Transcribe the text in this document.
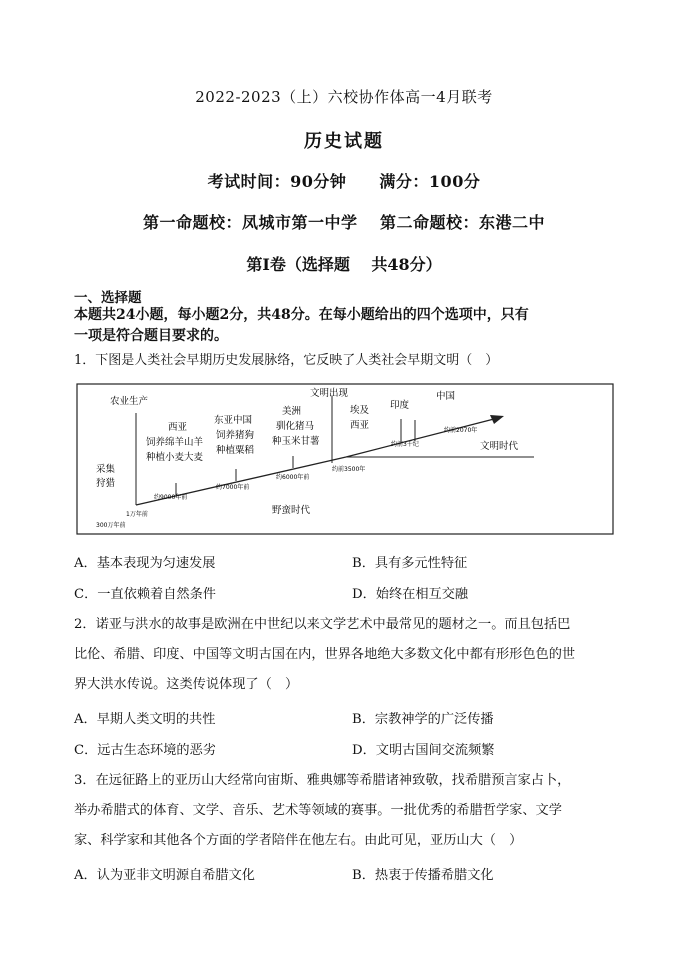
2022-2023（上）六校协作体高一4月联考
历史试题
考试时间：90分钟　　满分：100分
第一命题校：凤城市第一中学　 第二命题校：东港二中
第Ⅰ卷（选择题　 共48分）
一、选择题
本题共24小题，每小题2分，共48分。在每小题给出的四个选项中，只有
一项是符合题目要求的。
1．下图是人类社会早期历史发展脉络，它反映了人类社会早期文明（　）
农业生产
采集
狩猎
西亚
饲养绵羊山羊
种植小麦大麦
东亚中国
饲养猪狗
种植粟稻
美洲
驯化猪马
种玉米甘薯
文明出现
埃及
西亚
印度
中国
文明时代
野蛮时代
约9000年前
约7000年前
约6000年前
约前3500年
约前3千纪
约前2070年
1万年前
300万年前
A．基本表现为匀速发展	B．具有多元性特征
C．一直依赖着自然条件	D．始终在相互交融
2．诺亚与洪水的故事是欧洲在中世纪以来文学艺术中最常见的题材之一。而且包括巴
比伦、希腊、印度、中国等文明古国在内，世界各地绝大多数文化中都有形形色色的世
界大洪水传说。这类传说体现了（　）
A．早期人类文明的共性	B．宗教神学的广泛传播
C．远古生态环境的恶劣	D．文明古国间交流频繁
3．在远征路上的亚历山大经常向宙斯、雅典娜等希腊诸神致敬，找希腊预言家占卜，
举办希腊式的体育、文学、音乐、艺术等领域的赛事。一批优秀的希腊哲学家、文学
家、科学家和其他各个方面的学者陪伴在他左右。由此可见，亚历山大（　）
A．认为亚非文明源自希腊文化	B．热衷于传播希腊文化
